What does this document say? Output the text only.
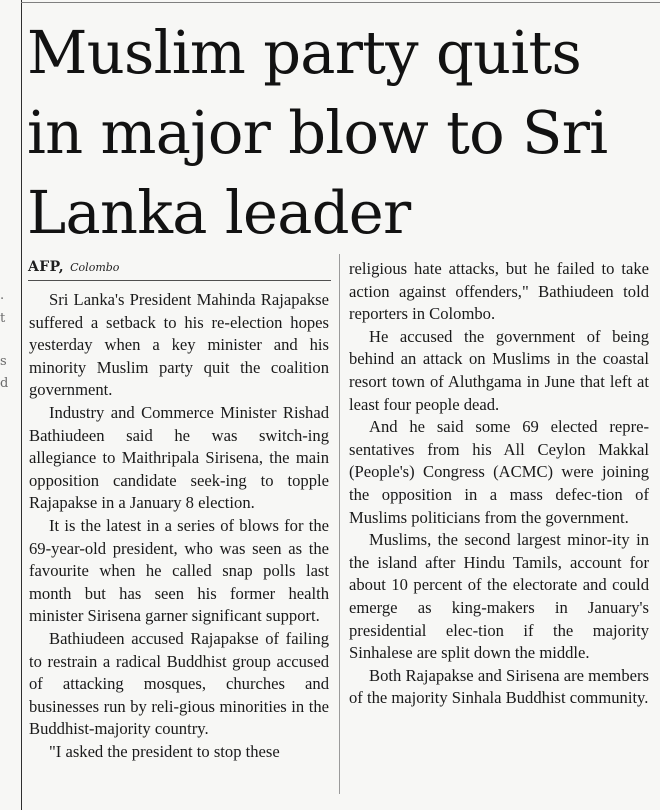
.
t
s
d
Muslim party quits in major blow to Sri Lanka leader
AFP, Colombo

Sri Lanka's President Mahinda Rajapakse suffered a setback to his re-election hopes yesterday when a key minister and his minority Muslim party quit the coalition government.

Industry and Commerce Minister Rishad Bathiudeen said he was switch-ing allegiance to Maithripala Sirisena, the main opposition candidate seek-ing to topple Rajapakse in a January 8 election.

It is the latest in a series of blows for the 69-year-old president, who was seen as the favourite when he called snap polls last month but has seen his former health minister Sirisena garner significant support.

Bathiudeen accused Rajapakse of failing to restrain a radical Buddhist group accused of attacking mosques, churches and businesses run by reli-gious minorities in the Buddhist-majority country.

"I asked the president to stop these

religious hate attacks, but he failed to take action against offenders," Bathiudeen told reporters in Colombo.

He accused the government of being behind an attack on Muslims in the coastal resort town of Aluthgama in June that left at least four people dead.

And he said some 69 elected repre-sentatives from his All Ceylon Makkal (People's) Congress (ACMC) were joining the opposition in a mass defec-tion of Muslims politicians from the government.

Muslims, the second largest minor-ity in the island after Hindu Tamils, account for about 10 percent of the electorate and could emerge as king-makers in January's presidential elec-tion if the majority Sinhalese are split down the middle.

Both Rajapakse and Sirisena are members of the majority Sinhala Buddhist community.
